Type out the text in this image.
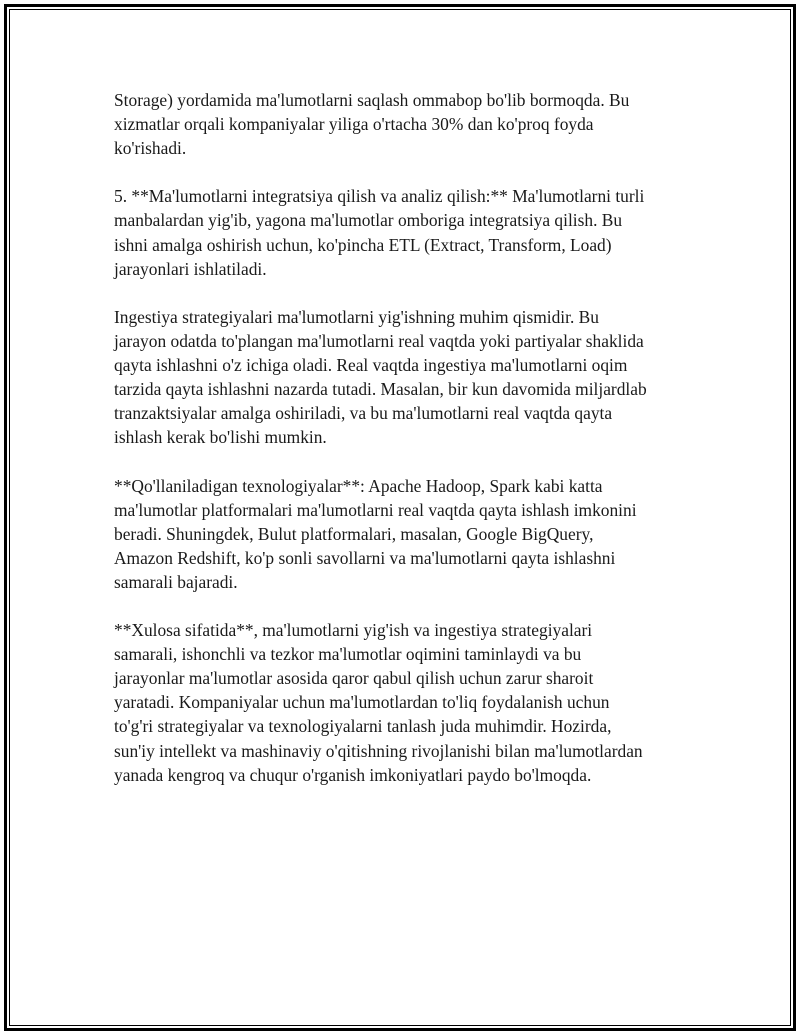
Storage) yordamida ma'lumotlarni saqlash ommabop bo'lib bormoqda. Bu
xizmatlar orqali kompaniyalar yiliga o'rtacha 30% dan ko'proq foyda
ko'rishadi.

5. **Ma'lumotlarni integratsiya qilish va analiz qilish:** Ma'lumotlarni turli
manbalardan yig'ib, yagona ma'lumotlar omboriga integratsiya qilish. Bu
ishni amalga oshirish uchun, ko'pincha ETL (Extract, Transform, Load)
jarayonlari ishlatiladi.

Ingestiya strategiyalari ma'lumotlarni yig'ishning muhim qismidir. Bu
jarayon odatda to'plangan ma'lumotlarni real vaqtda yoki partiyalar shaklida
qayta ishlashni o'z ichiga oladi. Real vaqtda ingestiya ma'lumotlarni oqim
tarzida qayta ishlashni nazarda tutadi. Masalan, bir kun davomida miljardlab
tranzaktsiyalar amalga oshiriladi, va bu ma'lumotlarni real vaqtda qayta
ishlash kerak bo'lishi mumkin.

**Qo'llaniladigan texnologiyalar**: Apache Hadoop, Spark kabi katta
ma'lumotlar platformalari ma'lumotlarni real vaqtda qayta ishlash imkonini
beradi. Shuningdek, Bulut platformalari, masalan, Google BigQuery,
Amazon Redshift, ko'p sonli savollarni va ma'lumotlarni qayta ishlashni
samarali bajaradi.

**Xulosa sifatida**, ma'lumotlarni yig'ish va ingestiya strategiyalari
samarali, ishonchli va tezkor ma'lumotlar oqimini taminlaydi va bu
jarayonlar ma'lumotlar asosida qaror qabul qilish uchun zarur sharoit
yaratadi. Kompaniyalar uchun ma'lumotlardan to'liq foydalanish uchun
to'g'ri strategiyalar va texnologiyalarni tanlash juda muhimdir. Hozirda,
sun'iy intellekt va mashinaviy o'qitishning rivojlanishi bilan ma'lumotlardan
yanada kengroq va chuqur o'rganish imkoniyatlari paydo bo'lmoqda.
